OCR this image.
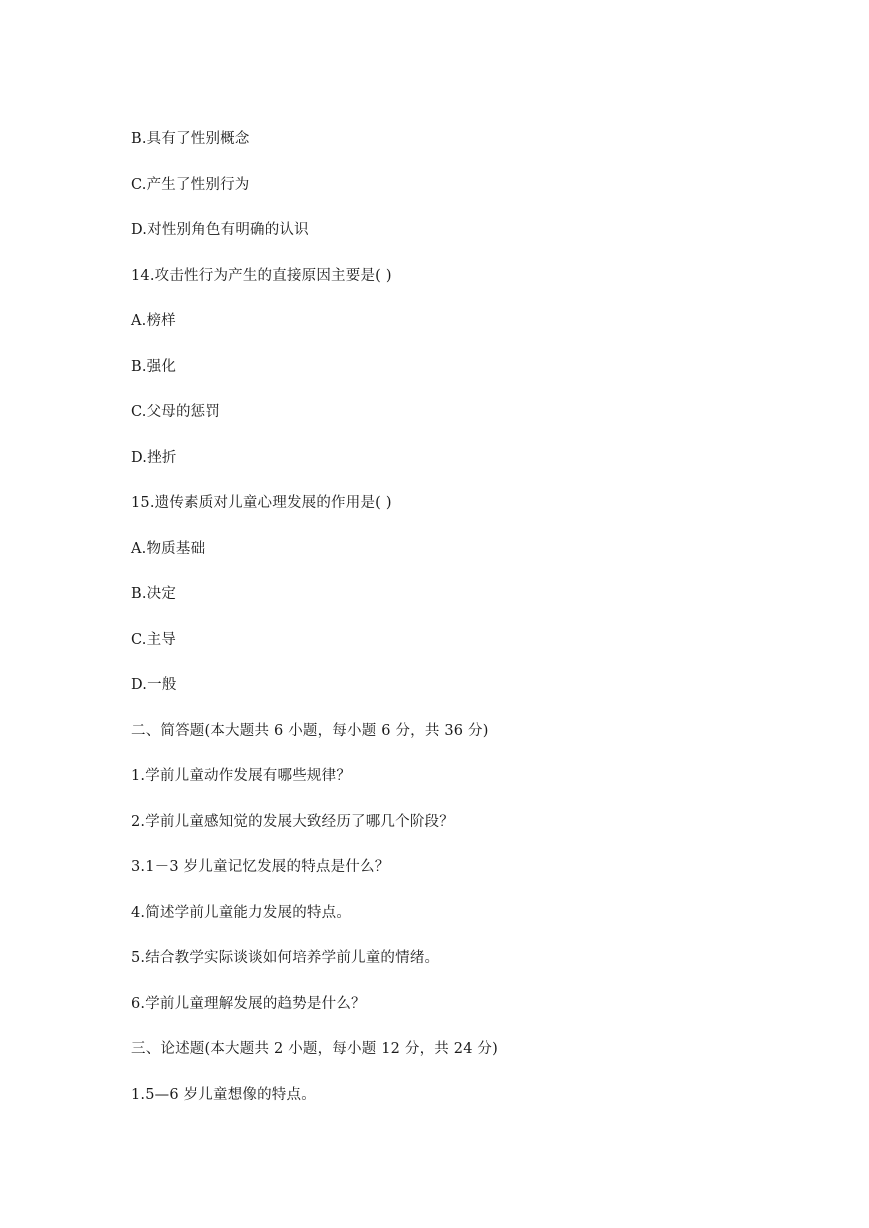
B.具有了性别概念
C.产生了性别行为
D.对性别角色有明确的认识
14.攻击性行为产生的直接原因主要是( )
A.榜样
B.强化
C.父母的惩罚
D.挫折
15.遗传素质对儿童心理发展的作用是( )
A.物质基础
B.决定
C.主导
D.一般
二、简答题(本大题共 6 小题，每小题 6 分，共 36 分)
1.学前儿童动作发展有哪些规律？
2.学前儿童感知觉的发展大致经历了哪几个阶段？
3.1－3 岁儿童记忆发展的特点是什么？
4.简述学前儿童能力发展的特点。
5.结合教学实际谈谈如何培养学前儿童的情绪。
6.学前儿童理解发展的趋势是什么？
三、论述题(本大题共 2 小题，每小题 12 分，共 24 分)
1.5—6 岁儿童想像的特点。
